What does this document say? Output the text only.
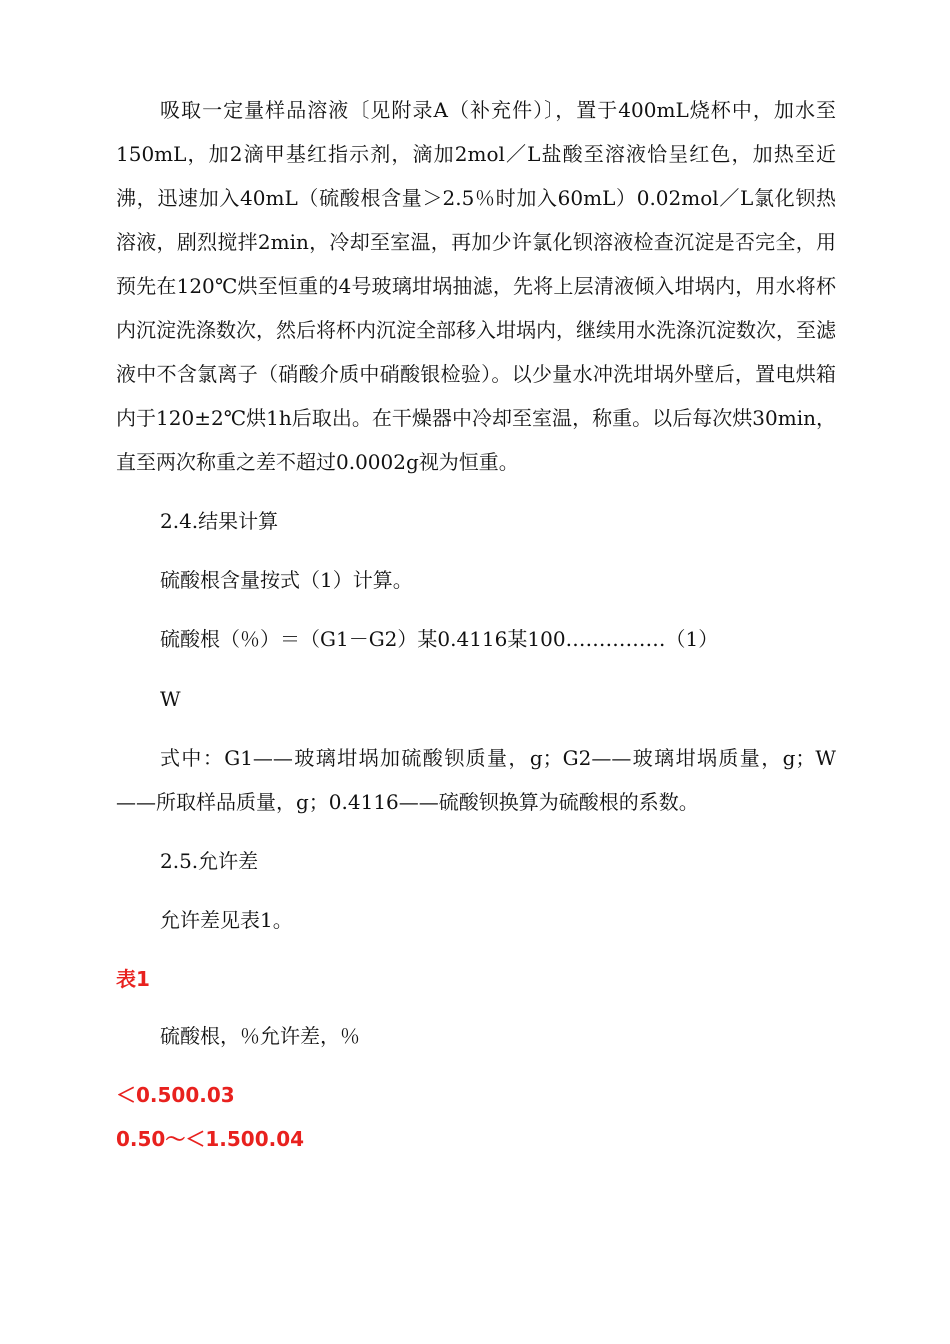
吸取一定量样品溶液〔见附录A（补充件）〕，置于400mL烧杯中，加水至150mL，加2滴甲基红指示剂，滴加2mol／L盐酸至溶液恰呈红色，加热至近沸，迅速加入40mL（硫酸根含量＞2.5％时加入60mL）0.02mol／L氯化钡热溶液，剧烈搅拌2min，冷却至室温，再加少许氯化钡溶液检查沉淀是否完全，用预先在120℃烘至恒重的4号玻璃坩埚抽滤，先将上层清液倾入坩埚内，用水将杯内沉淀洗涤数次，然后将杯内沉淀全部移入坩埚内，继续用水洗涤沉淀数次，至滤液中不含氯离子（硝酸介质中硝酸银检验）。以少量水冲洗坩埚外壁后，置电烘箱内于120±2℃烘1h后取出。在干燥器中冷却至室温，称重。以后每次烘30min，直至两次称重之差不超过0.0002g视为恒重。

2.4.结果计算

硫酸根含量按式（1）计算。

硫酸根（％）＝（G1－G2）某0.4116某100……………（1）

W

式中：G1——玻璃坩埚加硫酸钡质量，g；G2——玻璃坩埚质量，g；W——所取样品质量，g；0.4116——硫酸钡换算为硫酸根的系数。

2.5.允许差

允许差见表1。

表1

硫酸根，％允许差，％

＜0.500.03

0.50～＜1.500.04
